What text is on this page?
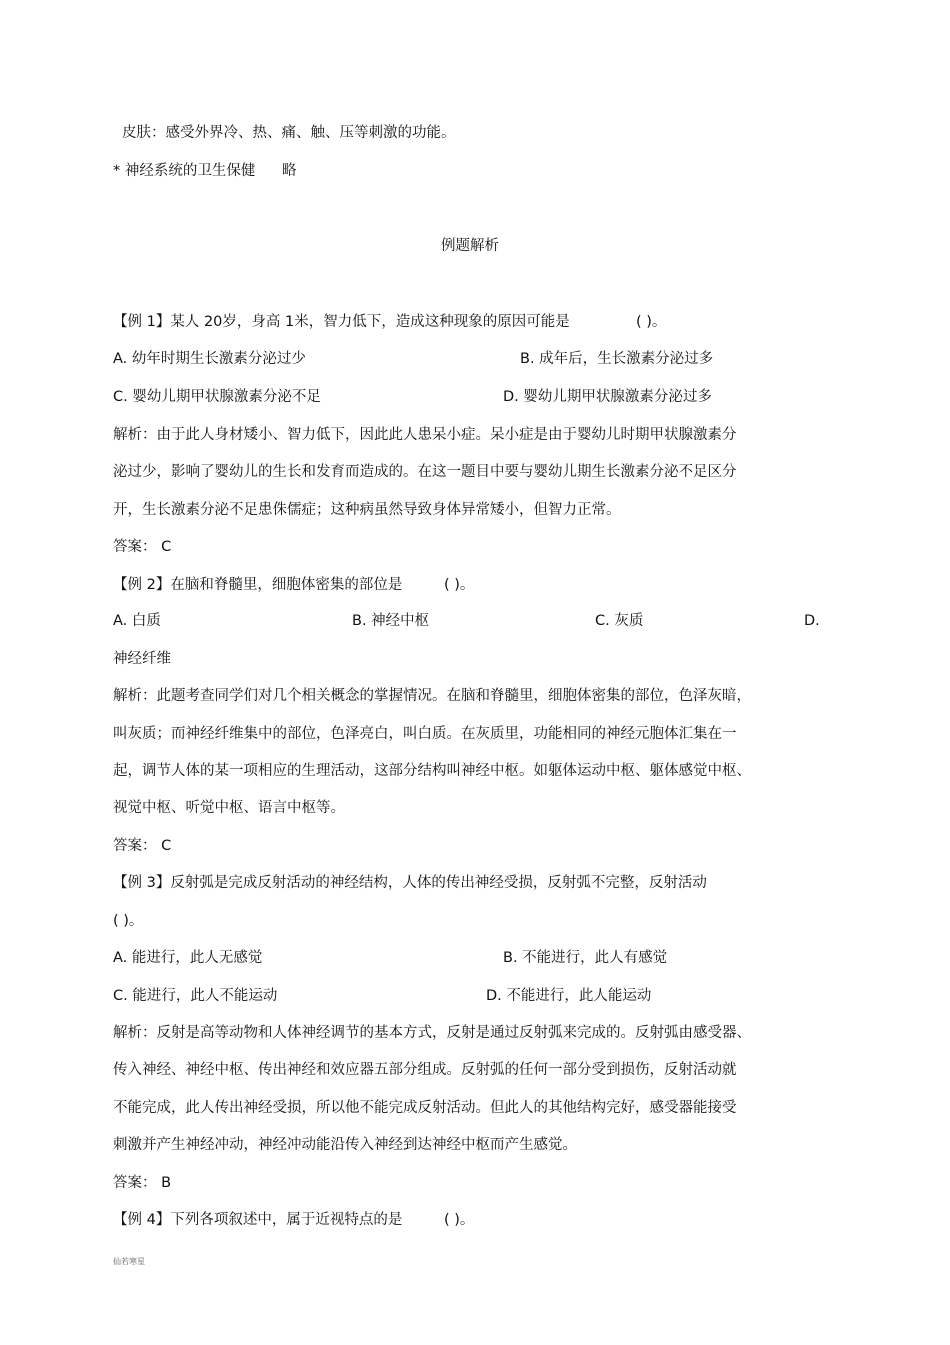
皮肤：感受外界冷、热、痛、触、压等刺激的功能。
* 神经系统的卫生保健 略
例题解析
【例 1】某人 20岁，身高 1米，智力低下，造成这种现象的原因可能是	( )。
A. 幼年时期生长激素分泌过少	B. 成年后，生长激素分泌过多
C. 婴幼儿期甲状腺激素分泌不足	D. 婴幼儿期甲状腺激素分泌过多
解析：由于此人身材矮小、智力低下，因此此人患呆小症。呆小症是由于婴幼儿时期甲状腺激素分
泌过少，影响了婴幼儿的生长和发育而造成的。在这一题目中要与婴幼儿期生长激素分泌不足区分
开，生长激素分泌不足患侏儒症；这种病虽然导致身体异常矮小，但智力正常。
答案： C
【例 2】在脑和脊髓里，细胞体密集的部位是	( )。
A. 白质	B. 神经中枢	C. 灰质	D.
神经纤维
解析：此题考查同学们对几个相关概念的掌握情况。在脑和脊髓里，细胞体密集的部位，色泽灰暗，
叫灰质；而神经纤维集中的部位，色泽亮白，叫白质。在灰质里，功能相同的神经元胞体汇集在一
起，调节人体的某一项相应的生理活动，这部分结构叫神经中枢。如躯体运动中枢、躯体感觉中枢、
视觉中枢、听觉中枢、语言中枢等。
答案： C
【例 3】反射弧是完成反射活动的神经结构，人体的传出神经受损，反射弧不完整，反射活动
( )。
A. 能进行，此人无感觉	B. 不能进行，此人有感觉
C. 能进行，此人不能运动	D. 不能进行，此人能运动
解析：反射是高等动物和人体神经调节的基本方式，反射是通过反射弧来完成的。反射弧由感受器、
传入神经、神经中枢、传出神经和效应器五部分组成。反射弧的任何一部分受到损伤，反射活动就
不能完成，此人传出神经受损，所以他不能完成反射活动。但此人的其他结构完好，感受器能接受
刺激并产生神经冲动，神经冲动能沿传入神经到达神经中枢而产生感觉。
答案： B
【例 4】下列各项叙述中，属于近视特点的是	( )。
仙若寒星
